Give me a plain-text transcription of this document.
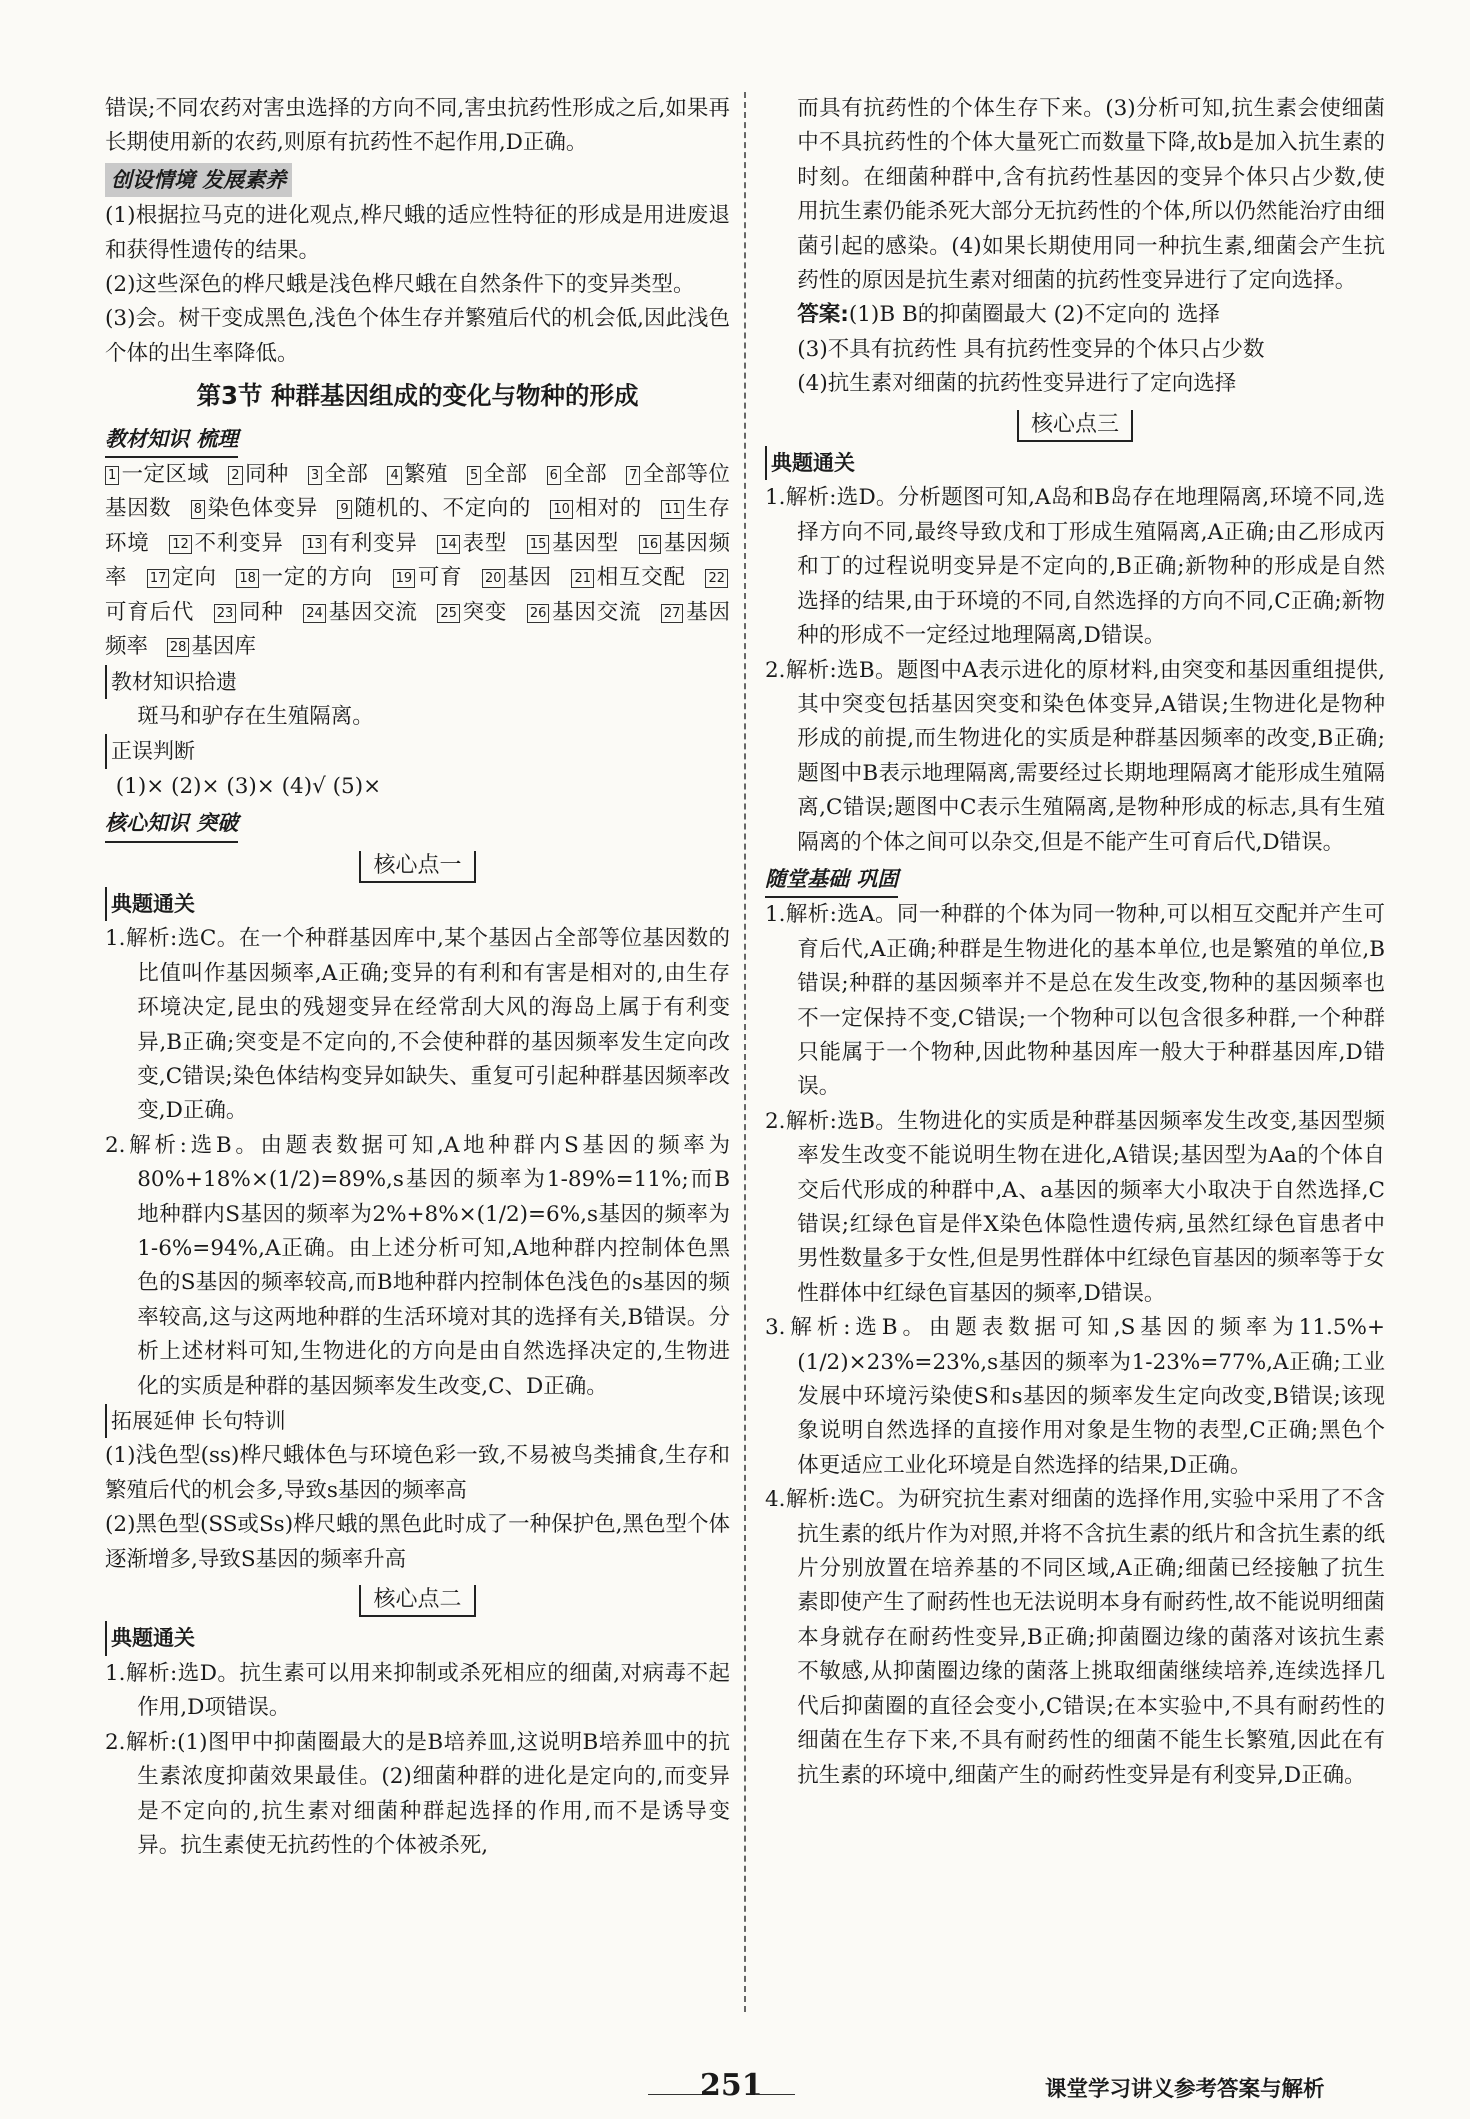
错误;不同农药对害虫选择的方向不同,害虫抗药性形成之后,如果再长期使用新的农药,则原有抗药性不起作用,D正确。

创设情境 发展素养

(1)根据拉马克的进化观点,桦尺蛾的适应性特征的形成是用进废退和获得性遗传的结果。

(2)这些深色的桦尺蛾是浅色桦尺蛾在自然条件下的变异类型。

(3)会。树干变成黑色,浅色个体生存并繁殖后代的机会低,因此浅色个体的出生率降低。

第3节 种群基因组成的变化与物种的形成
教材知识 梳理

1 一定区域 2 同种 3 全部 4 繁殖 5 全部 6 全部 7 全部等位基因数 8 染色体变异 9 随机的、不定向的 10 相对的 11 生存环境 12 不利变异 13 有利变异 14 表型 15 基因型 16 基因频率 17 定向 18 一定的方向 19 可育 20 基因 21 相互交配 22可育后代 23 同种 24 基因交流 25 突变 26 基因交流 27 基因频率 28 基因库

教材知识拾遗

斑马和驴存在生殖隔离。

正误判断

(1)× (2)× (3)× (4)√ (5)×

核心知识 突破
核心点一
典题通关

1.解析:选C。在一个种群基因库中,某个基因占全部等位基因数的比值叫作基因频率,A正确;变异的有利和有害是相对的,由生存环境决定,昆虫的残翅变异在经常刮大风的海岛上属于有利变异,B正确;突变是不定向的,不会使种群的基因频率发生定向改变,C错误;染色体结构变异如缺失、重复可引起种群基因频率改变,D正确。

2.解析:选B。由题表数据可知,A地种群内S基因的频率为80%+18%×(1/2)=89%,s基因的频率为1-89%=11%;而B地种群内S基因的频率为2%+8%×(1/2)=6%,s基因的频率为1-6%=94%,A正确。由上述分析可知,A地种群内控制体色黑色的S基因的频率较高,而B地种群内控制体色浅色的s基因的频率较高,这与这两地种群的生活环境对其的选择有关,B错误。分析上述材料可知,生物进化的方向是由自然选择决定的,生物进化的实质是种群的基因频率发生改变,C、D正确。

拓展延伸 长句特训

(1)浅色型(ss)桦尺蛾体色与环境色彩一致,不易被鸟类捕食,生存和繁殖后代的机会多,导致s基因的频率高

(2)黑色型(SS或Ss)桦尺蛾的黑色此时成了一种保护色,黑色型个体逐渐增多,导致S基因的频率升高

核心点二
典题通关

1.解析:选D。抗生素可以用来抑制或杀死相应的细菌,对病毒不起作用,D项错误。

2.解析:(1)图甲中抑菌圈最大的是B培养皿,这说明B培养皿中的抗生素浓度抑菌效果最佳。(2)细菌种群的进化是定向的,而变异是不定向的,抗生素对细菌种群起选择的作用,而不是诱导变异。抗生素使无抗药性的个体被杀死,

而具有抗药性的个体生存下来。(3)分析可知,抗生素会使细菌中不具抗药性的个体大量死亡而数量下降,故b是加入抗生素的时刻。在细菌种群中,含有抗药性基因的变异个体只占少数,使用抗生素仍能杀死大部分无抗药性的个体,所以仍然能治疗由细菌引起的感染。(4)如果长期使用同一种抗生素,细菌会产生抗药性的原因是抗生素对细菌的抗药性变异进行了定向选择。

答案:(1)B B的抑菌圈最大 (2)不定向的 选择

(3)不具有抗药性 具有抗药性变异的个体只占少数

(4)抗生素对细菌的抗药性变异进行了定向选择

核心点三
典题通关

1.解析:选D。分析题图可知,A岛和B岛存在地理隔离,环境不同,选择方向不同,最终导致戊和丁形成生殖隔离,A正确;由乙形成丙和丁的过程说明变异是不定向的,B正确;新物种的形成是自然选择的结果,由于环境的不同,自然选择的方向不同,C正确;新物种的形成不一定经过地理隔离,D错误。

2.解析:选B。题图中A表示进化的原材料,由突变和基因重组提供,其中突变包括基因突变和染色体变异,A错误;生物进化是物种形成的前提,而生物进化的实质是种群基因频率的改变,B正确;题图中B表示地理隔离,需要经过长期地理隔离才能形成生殖隔离,C错误;题图中C表示生殖隔离,是物种形成的标志,具有生殖隔离的个体之间可以杂交,但是不能产生可育后代,D错误。

随堂基础 巩固

1.解析:选A。同一种群的个体为同一物种,可以相互交配并产生可育后代,A正确;种群是生物进化的基本单位,也是繁殖的单位,B错误;种群的基因频率并不是总在发生改变,物种的基因频率也不一定保持不变,C错误;一个物种可以包含很多种群,一个种群只能属于一个物种,因此物种基因库一般大于种群基因库,D错误。

2.解析:选B。生物进化的实质是种群基因频率发生改变,基因型频率发生改变不能说明生物在进化,A错误;基因型为Aa的个体自交后代形成的种群中,A、a基因的频率大小取决于自然选择,C错误;红绿色盲是伴X染色体隐性遗传病,虽然红绿色盲患者中男性数量多于女性,但是男性群体中红绿色盲基因的频率等于女性群体中红绿色盲基因的频率,D错误。

3.解析:选B。由题表数据可知,S基因的频率为11.5%+(1/2)×23%=23%,s基因的频率为1-23%=77%,A正确;工业发展中环境污染使S和s基因的频率发生定向改变,B错误;该现象说明自然选择的直接作用对象是生物的表型,C正确;黑色个体更适应工业化环境是自然选择的结果,D正确。

4.解析:选C。为研究抗生素对细菌的选择作用,实验中采用了不含抗生素的纸片作为对照,并将不含抗生素的纸片和含抗生素的纸片分别放置在培养基的不同区域,A正确;细菌已经接触了抗生素即使产生了耐药性也无法说明本身有耐药性,故不能说明细菌本身就存在耐药性变异,B正确;抑菌圈边缘的菌落对该抗生素不敏感,从抑菌圈边缘的菌落上挑取细菌继续培养,连续选择几代后抑菌圈的直径会变小,C错误;在本实验中,不具有耐药性的细菌在生存下来,不具有耐药性的细菌不能生长繁殖,因此在有抗生素的环境中,细菌产生的耐药性变异是有利变异,D正确。

251	课堂学习讲义参考答案与解析
